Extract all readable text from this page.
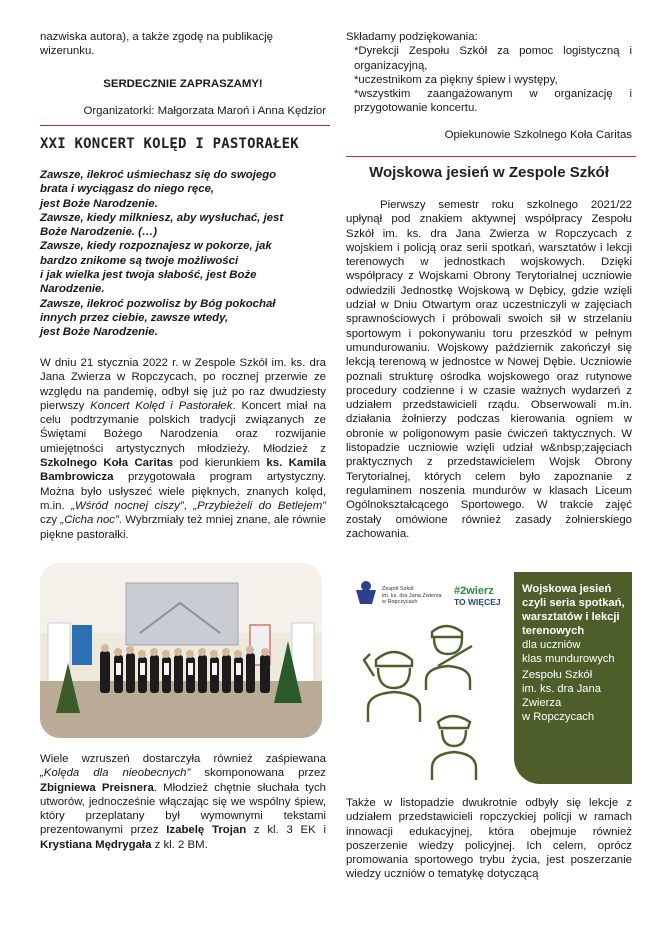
nazwiska autora), a także zgodę na publikację

wizerunku.

SERDECZNIE ZAPRASZAMY!

Organizatorki: Małgorzata Maroń i Anna Kędzior

XXI KONCERT KOLĘD I PASTORAŁEK
Zawsze, ilekroć uśmiechasz się do swojego
brata i wyciągasz do niego ręce,
jest Boże Narodzenie.
Zawsze, kiedy milkniesz, aby wysłuchać, jest
Boże Narodzenie. (…)
Zawsze, kiedy rozpoznajesz w pokorze, jak
bardzo znikome są twoje możliwości
i jak wielka jest twoja słabość, jest Boże
Narodzenie.
Zawsze, ilekroć pozwolisz by Bóg pokochał
innych przez ciebie, zawsze wtedy,
jest Boże Narodzenie.

W dniu 21 stycznia 2022 r. w Zespole Szkół im. ks. dra Jana Zwierza w Ropczycach, po rocznej przerwie ze względu na pandemię, odbył się już po raz dwudziesty pierwszy Koncert Kolęd i Pastorałek. Koncert miał na celu podtrzymanie polskich tradycji związanych ze Świętami Bożego Narodzenia oraz rozwijanie umiejętności artystycznych młodzieży. Młodzież z Szkolnego Koła Caritas pod kierunkiem ks. Kamila Bambrowicza przygotowała program artystyczny. Można było usłyszeć wiele pięknych, znanych kolęd, m.in. „Wśród nocnej ciszy”, „Przybieżeli do Betlejem” czy „Cicha noc”. Wybrzmiały też mniej znane, ale równie piękne pastorałki.

Wiele wzruszeń dostarczyła również zaśpiewana „Kolęda dla nieobecnych” skomponowana przez Zbigniewa Preisnera. Młodzież chętnie słuchała tych utworów, jednocześnie włączając się we wspólny śpiew, który przeplatany był wymownymi tekstami prezentowanymi przez Izabelę Trojan z kl. 3 EK i Krystiana Mędrygała z kl. 2 BM.

Składamy podziękowania:

*Dyrekcji Zespołu Szkół za pomoc logistyczną i organizacyjną,

*uczestnikom za piękny śpiew i występy,

*wszystkim zaangażowanym w organizację i przygotowanie koncertu.

Opiekunowie Szkolnego Koła Caritas

Wojskowa jesień w Zespole Szkół

Pierwszy semestr roku szkolnego 2021/22 upłynął pod znakiem aktywnej współpracy Zespołu Szkół im. ks. dra Jana Zwierza w Ropczycach z wojskiem i policją oraz serii spotkań, warsztatów i lekcji terenowych w jednostkach wojskowych. Dzięki współpracy z Wojskami Obrony Terytorialnej uczniowie odwiedzili Jednostkę Wojskową w Dębicy, gdzie wzięli udział w Dniu Otwartym oraz uczestniczyli w zajęciach sprawnościowych i próbowali swoich sił w strzelaniu sportowym i pokonywaniu toru przeszkód w pełnym umundurowaniu. Wojskowy październik zakończył się lekcją terenową w jednostce w Nowej Dębie. Uczniowie poznali strukturę ośrodka wojskowego oraz rutynowe procedury codzienne i w czasie ważnych wydarzeń z udziałem przedstawicieli rządu. Obserwowali m.in. działania żołnierzy podczas kierowania ogniem w obronie w poligonowym pasie ćwiczeń taktycznych. W listopadzie uczniowie wzięli udział w&nbsp;zajęciach praktycznych z przedstawicielem Wojsk Obrony Terytorialnej, których celem było zapoznanie z regulaminem noszenia mundurów w klasach Liceum Ogólnokształcącego Sportowego. W trakcie zajęć zostały omówione również zasady żołnierskiego zachowania.

Zespół Szkół
im. ks. dra Jana Zwierza
w Ropczycach
#2wierz
TO WIĘCEJ
Wojskowa jesień
czyli seria spotkań,
warsztatów i lekcji
terenowych
dla uczniów
klas mundurowych
Zespołu Szkół
im. ks. dra Jana Zwierza
w Ropczycach

Także w listopadzie dwukrotnie odbyły się lekcje z udziałem przedstawicieli ropczyckiej policji w ramach innowacji edukacyjnej, która obejmuje również poszerzenie wiedzy policyjnej. Ich celem, oprócz promowania sportowego trybu życia, jest poszerzanie wiedzy uczniów o tematykę dotyczącą
